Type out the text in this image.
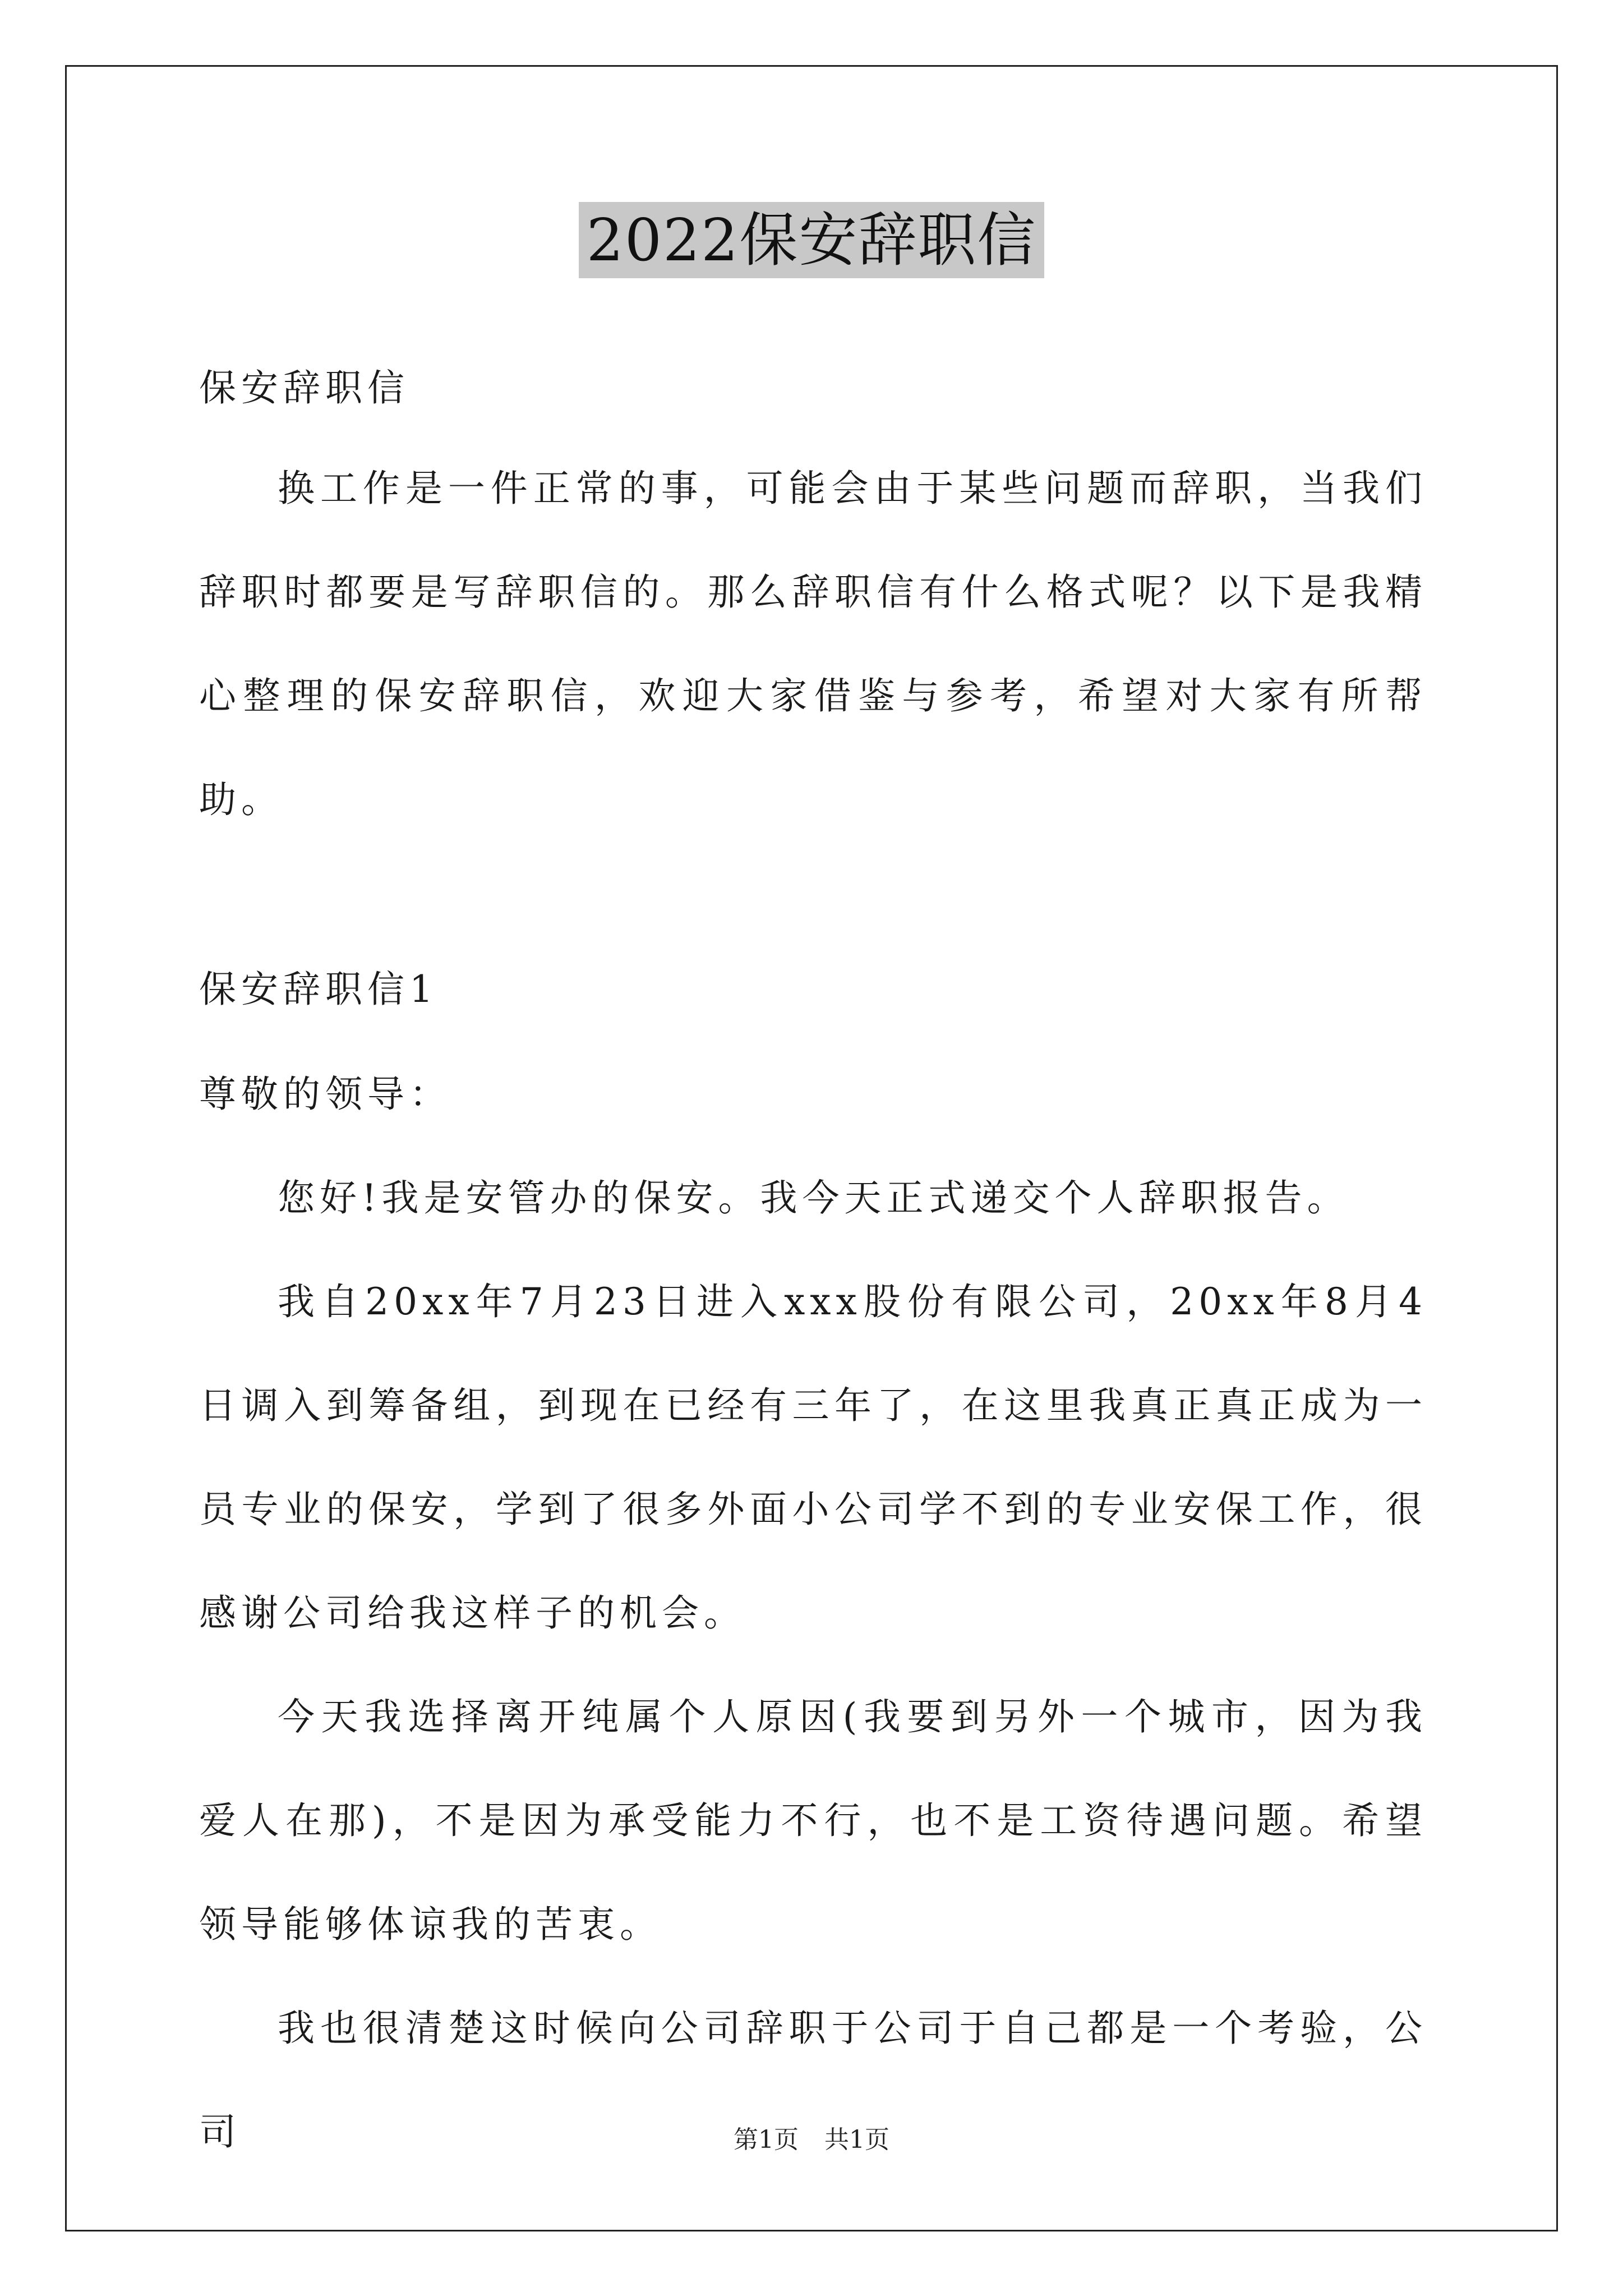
2022保安辞职信

保安辞职信

换工作是一件正常的事，可能会由于某些问题而辞职，当我们辞职时都要是写辞职信的。那么辞职信有什么格式呢？以下是我精心整理的保安辞职信，欢迎大家借鉴与参考，希望对大家有所帮助。

保安辞职信1

尊敬的领导：

您好!我是安管办的保安。我今天正式递交个人辞职报告。

我自20xx年7月23日进入xxx股份有限公司，20xx年8月4日调入到筹备组，到现在已经有三年了，在这里我真正真正成为一员专业的保安，学到了很多外面小公司学不到的专业安保工作，很感谢公司给我这样子的机会。

今天我选择离开纯属个人原因(我要到另外一个城市，因为我爱人在那)，不是因为承受能力不行，也不是工资待遇问题。希望领导能够体谅我的苦衷。

我也很清楚这时候向公司辞职于公司于自己都是一个考验，公司	第1页 共1页
